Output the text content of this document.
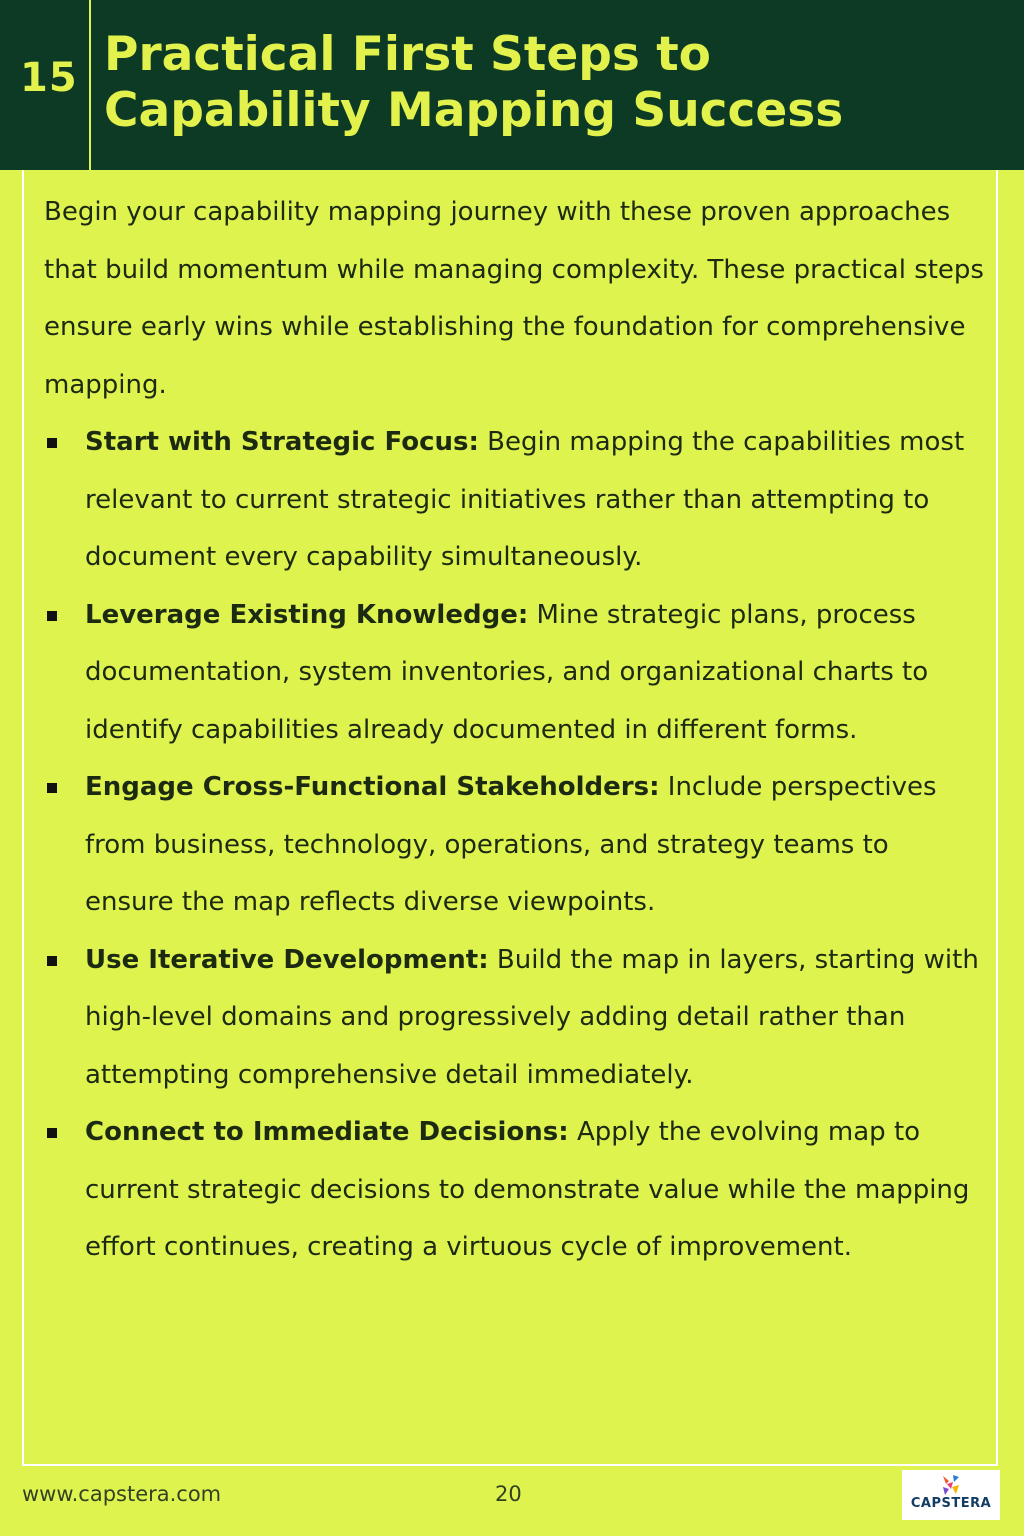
15 Practical First Steps to Capability Mapping Success

Begin your capability mapping journey with these proven approaches that build momentum while managing complexity. These practical steps ensure early wins while establishing the foundation for comprehensive mapping.

Start with Strategic Focus: Begin mapping the capabilities most relevant to current strategic initiatives rather than attempting to document every capability simultaneously.
Leverage Existing Knowledge: Mine strategic plans, process documentation, system inventories, and organizational charts to identify capabilities already documented in different forms.
Engage Cross-Functional Stakeholders: Include perspectives from business, technology, operations, and strategy teams to ensure the map reflects diverse viewpoints.
Use Iterative Development: Build the map in layers, starting with high-level domains and progressively adding detail rather than attempting comprehensive detail immediately.
Connect to Immediate Decisions: Apply the evolving map to current strategic decisions to demonstrate value while the mapping effort continues, creating a virtuous cycle of improvement.
www.capstera.com	20	CAPSTERA
